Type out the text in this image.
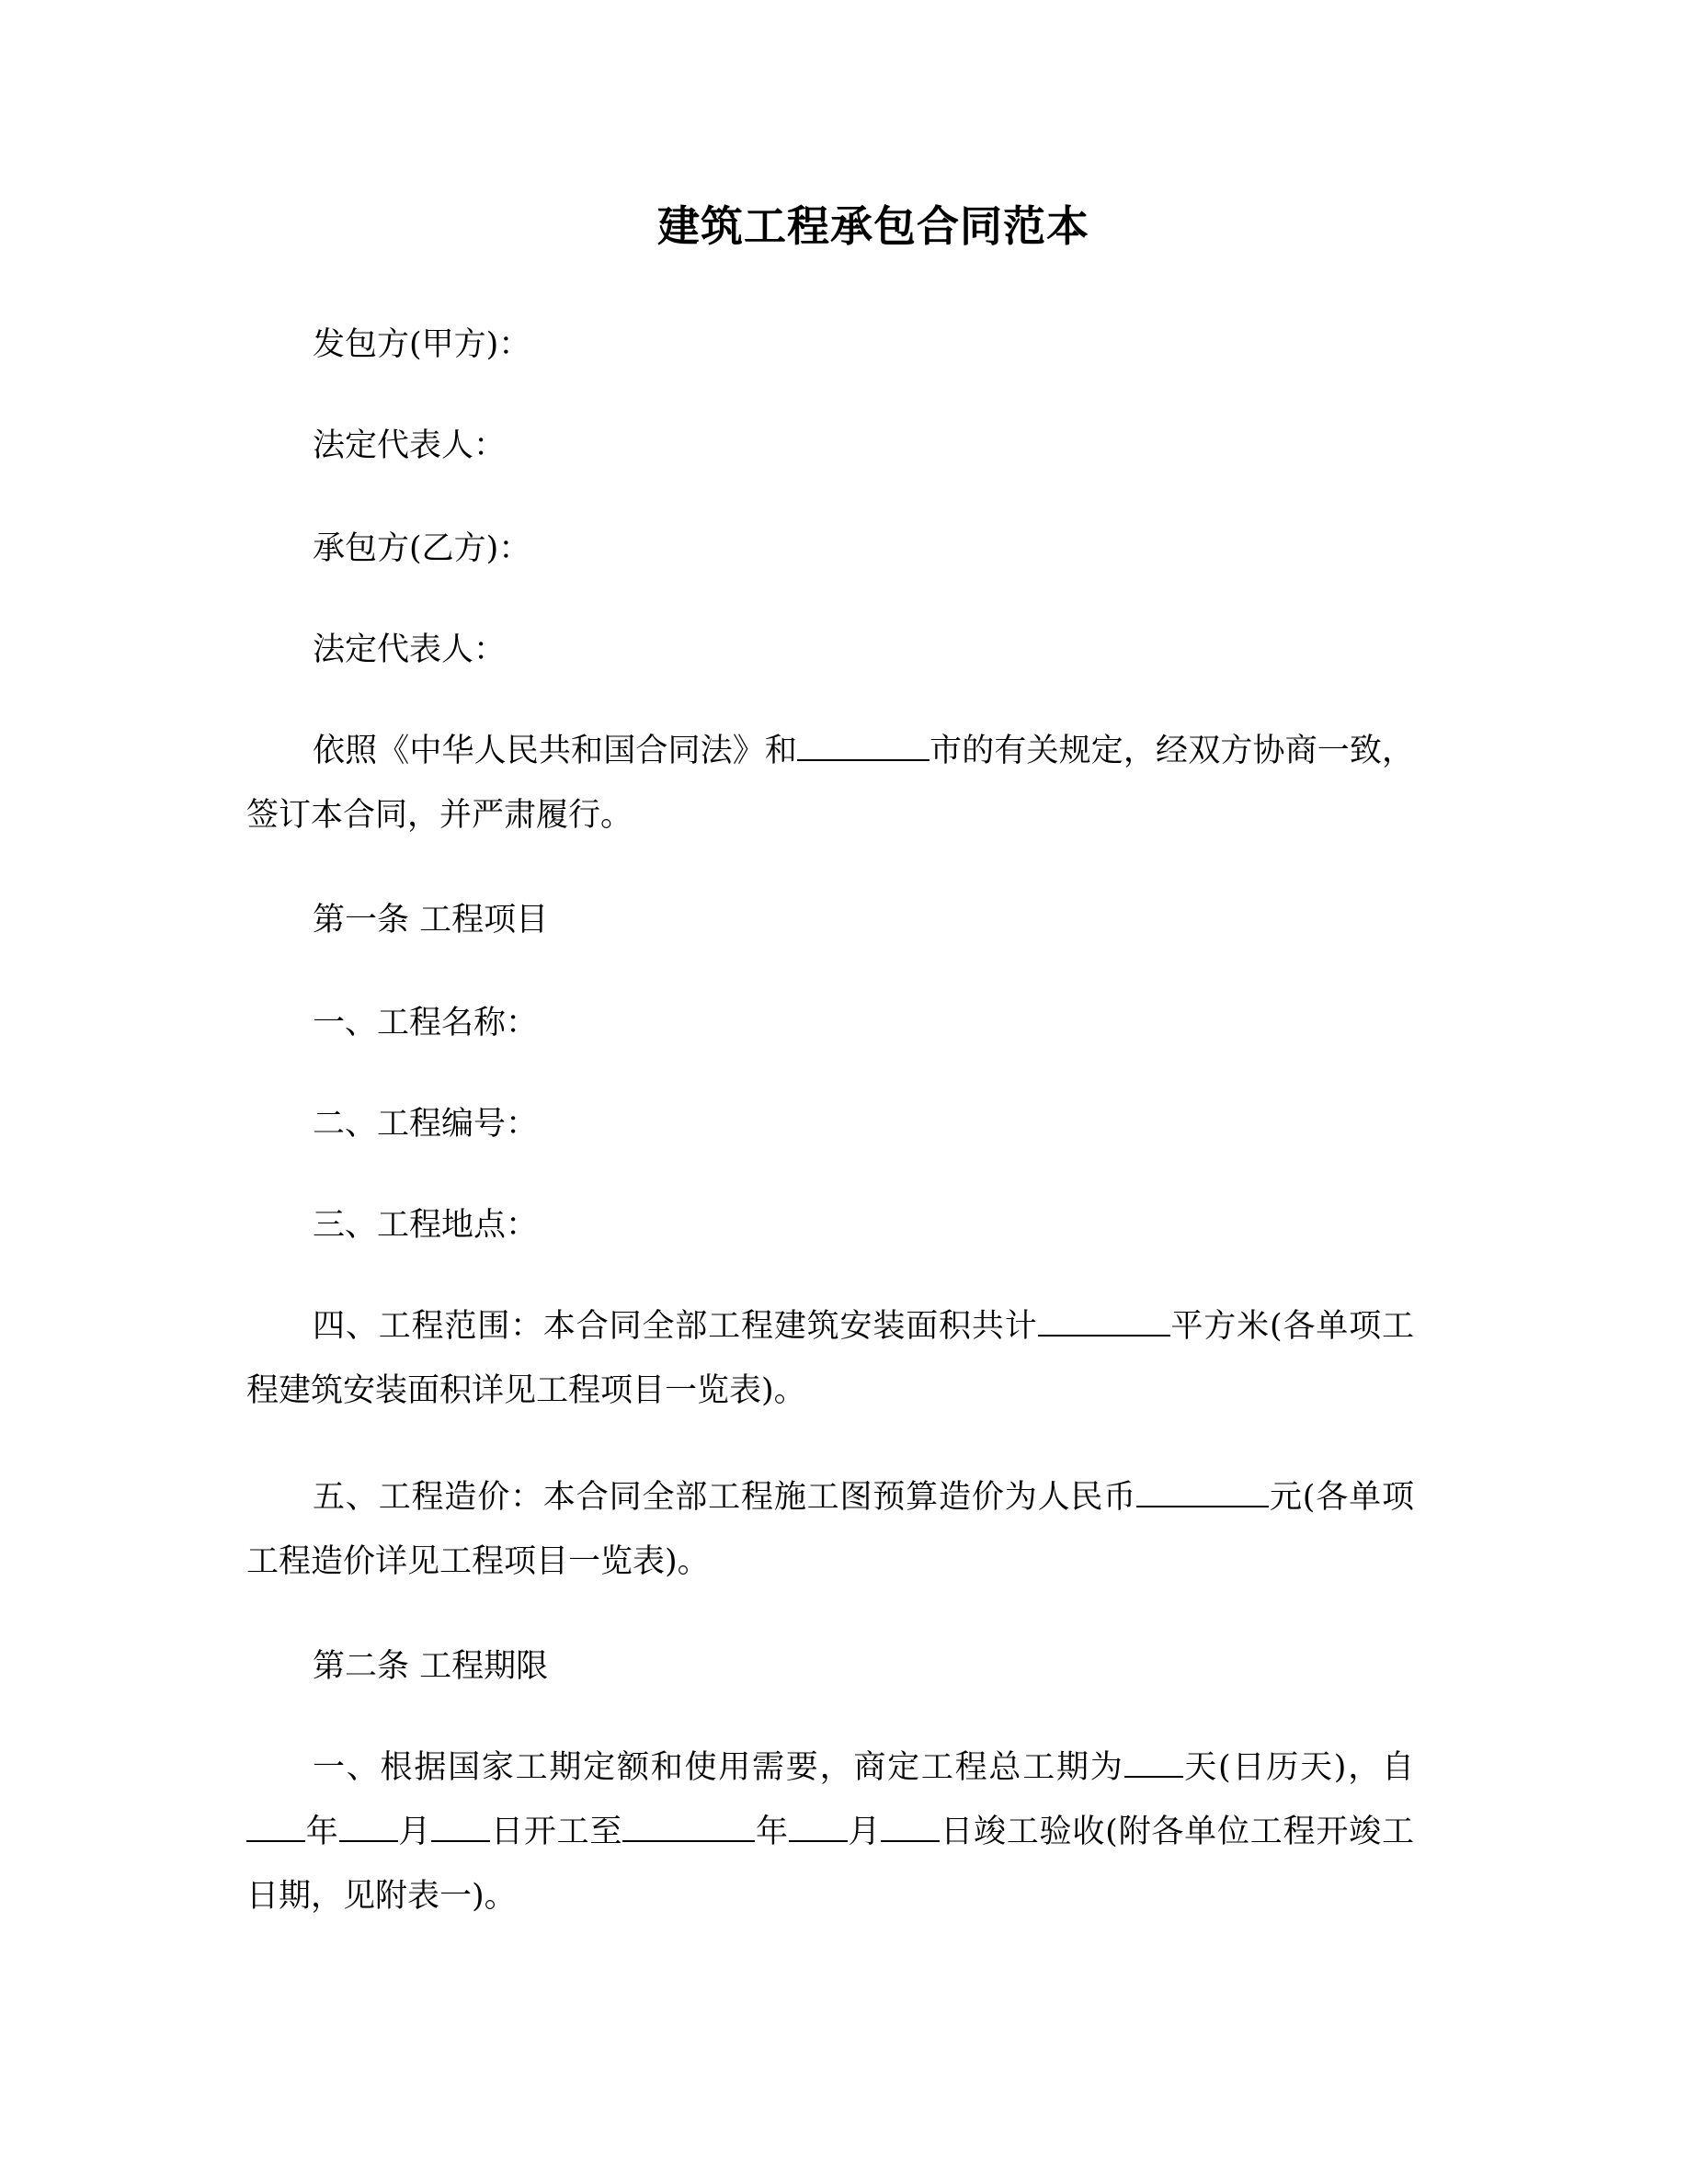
建筑工程承包合同范本

发包方(甲方)：

法定代表人：

承包方(乙方)：

法定代表人：

依照《中华人民共和国合同法》和	市的有关规定，经双方协商一致，签订本合同，并严肃履行。

第一条 工程项目

一、工程名称：

二、工程编号：

三、工程地点：

四、工程范围：本合同全部工程建筑安装面积共计	平方米(各单项工程建筑安装面积详见工程项目一览表)。

五、工程造价：本合同全部工程施工图预算造价为人民币	元(各单项工程造价详见工程项目一览表)。

第二条 工程期限

一、根据国家工期定额和使用需要，商定工程总工期为 天(日历天)，自年 月 日开工至	年 月 日竣工验收(附各单位工程开竣工日期，见附表一)。
